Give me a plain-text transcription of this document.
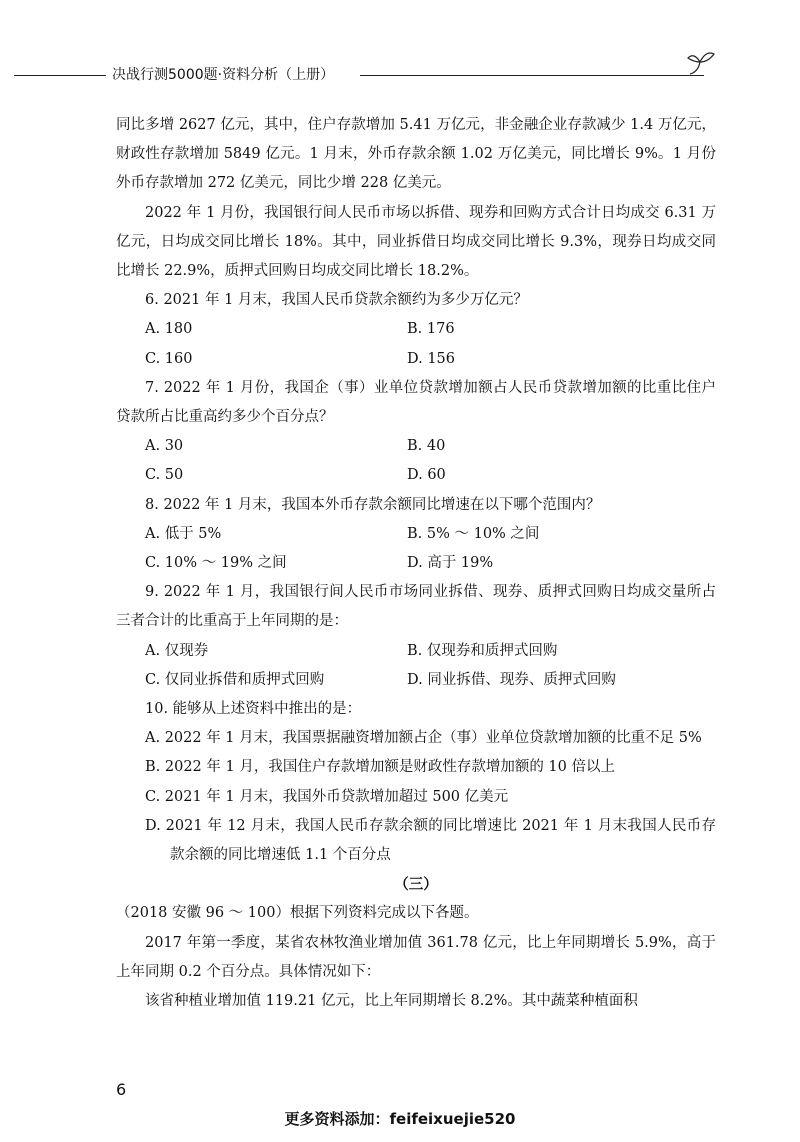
决战行测5000题·资料分析（上册）

同比多增 2627 亿元，其中，住户存款增加 5.41 万亿元，非金融企业存款减少 1.4 万亿元，财政性存款增加 5849 亿元。1 月末，外币存款余额 1.02 万亿美元，同比增长 9%。1 月份外币存款增加 272 亿美元，同比少增 228 亿美元。

2022 年 1 月份，我国银行间人民币市场以拆借、现券和回购方式合计日均成交 6.31 万亿元，日均成交同比增长 18%。其中，同业拆借日均成交同比增长 9.3%，现券日均成交同比增长 22.9%，质押式回购日均成交同比增长 18.2%。

6. 2021 年 1 月末，我国人民币贷款余额约为多少万亿元？

A. 180	B. 176
C. 160	D. 156

7. 2022 年 1 月份，我国企（事）业单位贷款增加额占人民币贷款增加额的比重比住户贷款所占比重高约多少个百分点？

A. 30	B. 40
C. 50	D. 60

8. 2022 年 1 月末，我国本外币存款余额同比增速在以下哪个范围内？

A. 低于 5%	B. 5% ～ 10% 之间
C. 10% ～ 19% 之间	D. 高于 19%

9. 2022 年 1 月，我国银行间人民币市场同业拆借、现券、质押式回购日均成交量所占三者合计的比重高于上年同期的是：

A. 仅现券	B. 仅现券和质押式回购
C. 仅同业拆借和质押式回购	D. 同业拆借、现券、质押式回购

10. 能够从上述资料中推出的是：

A. 2022 年 1 月末，我国票据融资增加额占企（事）业单位贷款增加额的比重不足 5%

B. 2022 年 1 月，我国住户存款增加额是财政性存款增加额的 10 倍以上

C. 2021 年 1 月末，我国外币贷款增加超过 500 亿美元

D. 2021 年 12 月末，我国人民币存款余额的同比增速比 2021 年 1 月末我国人民币存款余额的同比增速低 1.1 个百分点

（三）

（2018 安徽 96 ～ 100）根据下列资料完成以下各题。

2017 年第一季度，某省农林牧渔业增加值 361.78 亿元，比上年同期增长 5.9%，高于上年同期 0.2 个百分点。具体情况如下：

该省种植业增加值 119.21 亿元，比上年同期增长 8.2%。其中蔬菜种植面积

6
更多资料添加：feifeixuejie520
